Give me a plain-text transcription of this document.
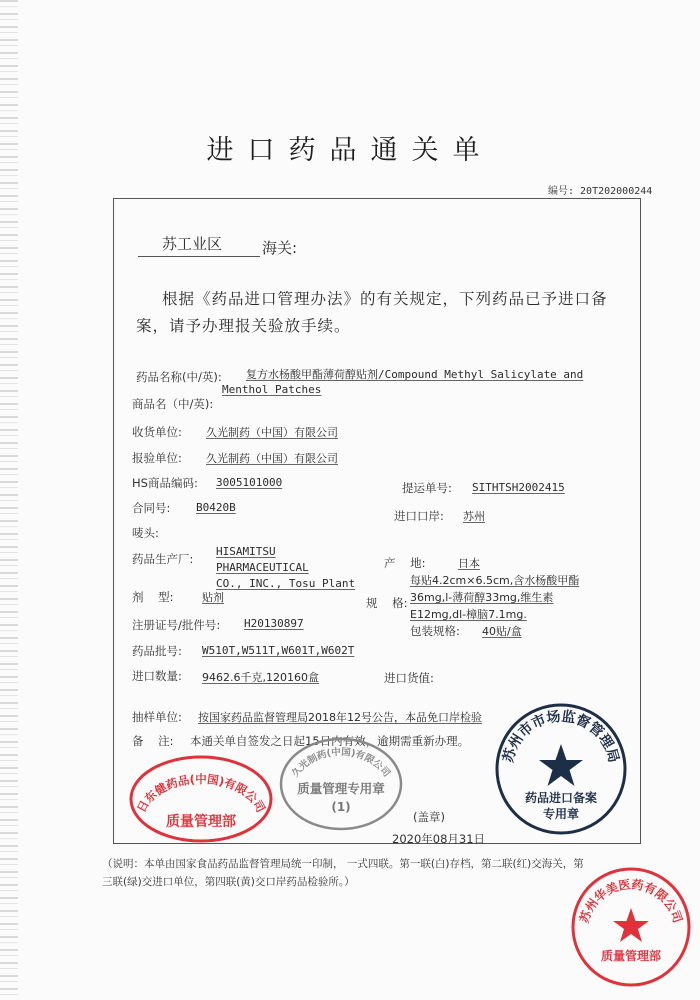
进口药品通关单
编号: 20T202000244
苏工业区	海关:
根据《药品进口管理办法》的有关规定，下列药品已予进口备
案，请予办理报关验放手续。
药品名称(中/英): 复方水杨酸甲酯薄荷醇贴剂/Compound Methyl Salicylate and
Menthol Patches
商品名（中/英):
收货单位: 久光制药（中国）有限公司
报验单位: 久光制药（中国）有限公司
HS商品编码: 3005101000	提运单号: SITHTSH2002415
合同号: B0420B
进口口岸: 苏州
唛头:
药品生产厂:
HISAMITSU
PHARMACEUTICAL
CO., INC., Tosu Plant
产    地:	日本
剂    型:	贴剂	规    格:
每贴4.2cm×6.5cm,含水杨酸甲酯
36mg,l-薄荷醇33mg,维生素
E12mg,dl-樟脑7.1mg.
注册证号/批件号: H20130897
包装规格: 40贴/盒
药品批号: W510T,W511T,W601T,W602T
进口数量: 9462.6千克,120160盒	进口货值:
抽样单位: 按国家药品监督管理局2018年12号公告，本品免口岸检验
备    注: 本通关单自签发之日起15日内有效，逾期需重新办理。
(盖章)
2020年08月31日
（说明：本单由国家食品药品监督管理局统一印制， 一式四联。第一联(白)存档，第二联(红)交海关，第
三联(绿)交进口单位，第四联(黄)交口岸药品检验所。）
日东健药品(中国)有限公司
质量管理部
久光制药(中国)有限公司
质量管理专用章
(1)
苏州市市场监督管理局
药品进口备案
专用章
苏州华美医药有限公司
质量管理部
